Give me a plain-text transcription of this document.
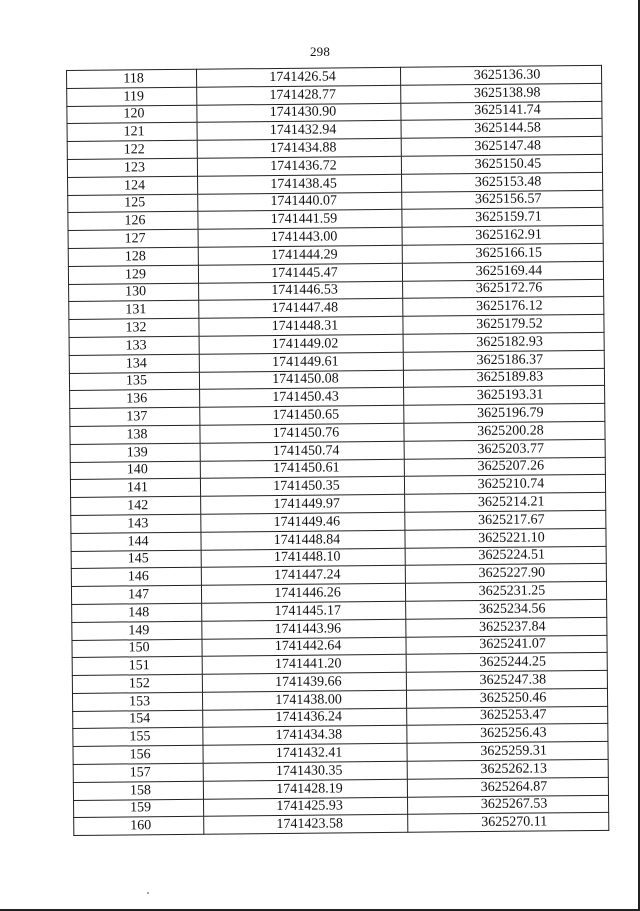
298
118	1741426.54	3625136.30
119	1741428.77	3625138.98
120	1741430.90	3625141.74
121	1741432.94	3625144.58
122	1741434.88	3625147.48
123	1741436.72	3625150.45
124	1741438.45	3625153.48
125	1741440.07	3625156.57
126	1741441.59	3625159.71
127	1741443.00	3625162.91
128	1741444.29	3625166.15
129	1741445.47	3625169.44
130	1741446.53	3625172.76
131	1741447.48	3625176.12
132	1741448.31	3625179.52
133	1741449.02	3625182.93
134	1741449.61	3625186.37
135	1741450.08	3625189.83
136	1741450.43	3625193.31
137	1741450.65	3625196.79
138	1741450.76	3625200.28
139	1741450.74	3625203.77
140	1741450.61	3625207.26
141	1741450.35	3625210.74
142	1741449.97	3625214.21
143	1741449.46	3625217.67
144	1741448.84	3625221.10
145	1741448.10	3625224.51
146	1741447.24	3625227.90
147	1741446.26	3625231.25
148	1741445.17	3625234.56
149	1741443.96	3625237.84
150	1741442.64	3625241.07
151	1741441.20	3625244.25
152	1741439.66	3625247.38
153	1741438.00	3625250.46
154	1741436.24	3625253.47
155	1741434.38	3625256.43
156	1741432.41	3625259.31
157	1741430.35	3625262.13
158	1741428.19	3625264.87
159	1741425.93	3625267.53
160	1741423.58	3625270.11
